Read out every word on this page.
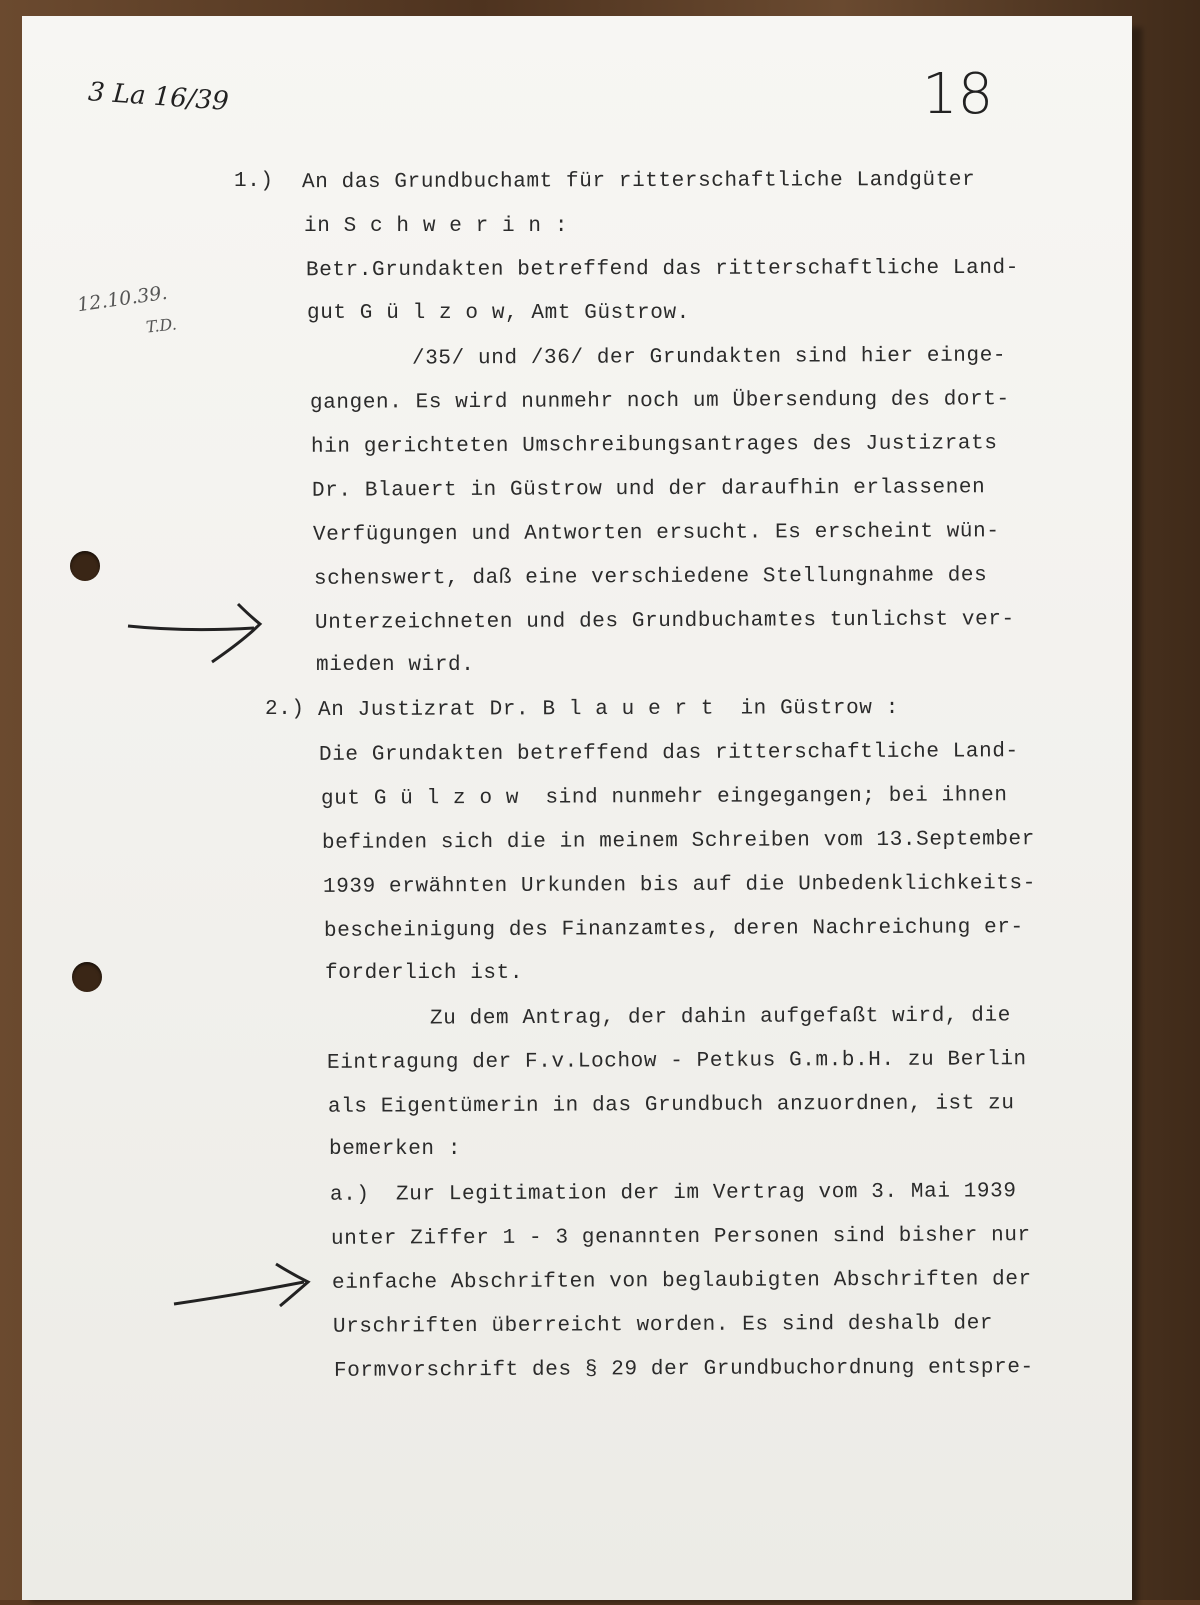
3 La 16/39	18
12.10.39.
T.D.
1.) An das Grundbuchamt für ritterschaftliche Landgüter
in S c h w e r i n :
Betr.Grundakten betreffend das ritterschaftliche Land-
gut G ü l z o w, Amt Güstrow.
/35/ und /36/ der Grundakten sind hier einge-
gangen. Es wird nunmehr noch um Übersendung des dort-
hin gerichteten Umschreibungsantrages des Justizrats
Dr. Blauert in Güstrow und der daraufhin erlassenen
Verfügungen und Antworten ersucht. Es erscheint wün-
schenswert, daß eine verschiedene Stellungnahme des
Unterzeichneten und des Grundbuchamtes tunlichst ver-
mieden wird.
2.) An Justizrat Dr. B l a u e r t  in Güstrow :
Die Grundakten betreffend das ritterschaftliche Land-
gut G ü l z o w  sind nunmehr eingegangen; bei ihnen
befinden sich die in meinem Schreiben vom 13.September
1939 erwähnten Urkunden bis auf die Unbedenklichkeits-
bescheinigung des Finanzamtes, deren Nachreichung er-
forderlich ist.
Zu dem Antrag, der dahin aufgefaßt wird, die
Eintragung der F.v.Lochow - Petkus G.m.b.H. zu Berlin
als Eigentümerin in das Grundbuch anzuordnen, ist zu
bemerken :
a.)  Zur Legitimation der im Vertrag vom 3. Mai 1939
unter Ziffer 1 - 3 genannten Personen sind bisher nur
einfache Abschriften von beglaubigten Abschriften der
Urschriften überreicht worden. Es sind deshalb der
Formvorschrift des § 29 der Grundbuchordnung entspre-
